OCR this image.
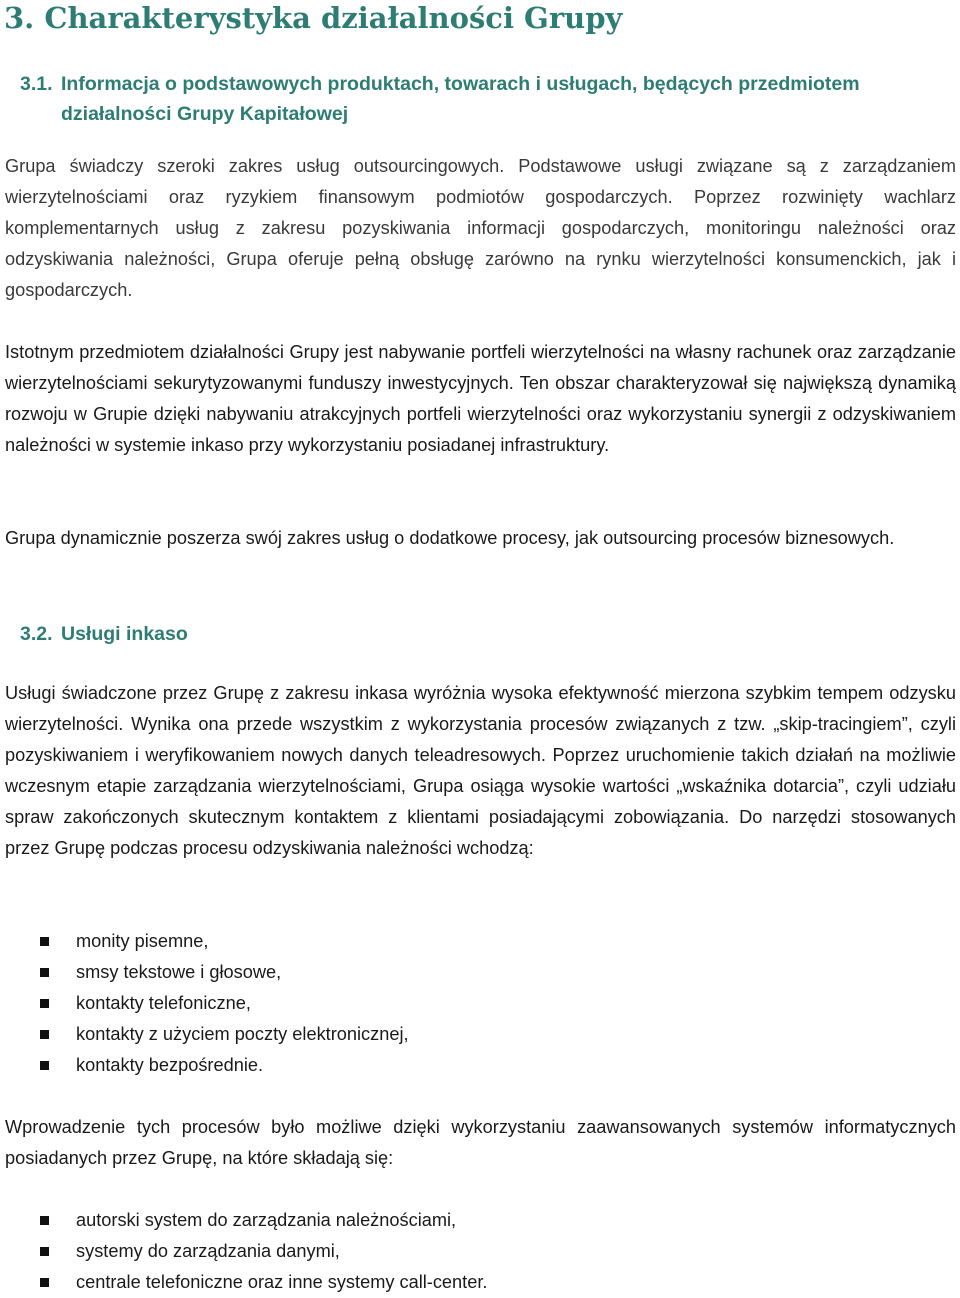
3. Charakterystyka działalności Grupy
3.1. Informacja o podstawowych produktach, towarach i usługach, będących przedmiotem
działalności Grupy Kapitałowej

Grupa świadczy szeroki zakres usług outsourcingowych. Podstawowe usługi związane są z zarządzaniem wierzytelnościami oraz ryzykiem finansowym podmiotów gospodarczych. Poprzez rozwinięty wachlarz komplementarnych usług z zakresu pozyskiwania informacji gospodarczych, monitoringu należności oraz odzyskiwania należności, Grupa oferuje pełną obsługę zarówno na rynku wierzytelności konsumenckich, jak i gospodarczych.

Istotnym przedmiotem działalności Grupy jest nabywanie portfeli wierzytelności na własny rachunek oraz zarządzanie wierzytelnościami sekurytyzowanymi funduszy inwestycyjnych. Ten obszar charakteryzował się największą dynamiką rozwoju w Grupie dzięki nabywaniu atrakcyjnych portfeli wierzytelności oraz wykorzystaniu synergii z odzyskiwaniem należności w systemie inkaso przy wykorzystaniu posiadanej infrastruktury.

Grupa dynamicznie poszerza swój zakres usług o dodatkowe procesy, jak outsourcing procesów biznesowych.

3.2. Usługi inkaso

Usługi świadczone przez Grupę z zakresu inkasa wyróżnia wysoka efektywność mierzona szybkim tempem odzysku wierzytelności. Wynika ona przede wszystkim z wykorzystania procesów związanych z tzw. „skip-tracingiem”, czyli pozyskiwaniem i weryfikowaniem nowych danych teleadresowych. Poprzez uruchomienie takich działań na możliwie wczesnym etapie zarządzania wierzytelnościami, Grupa osiąga wysokie wartości „wskaźnika dotarcia”, czyli udziału spraw zakończonych skutecznym kontaktem z klientami posiadającymi zobowiązania. Do narzędzi stosowanych przez Grupę podczas procesu odzyskiwania należności wchodzą:

monity pisemne,
smsy tekstowe i głosowe,
kontakty telefoniczne,
kontakty z użyciem poczty elektronicznej,
kontakty bezpośrednie.

Wprowadzenie tych procesów było możliwe dzięki wykorzystaniu zaawansowanych systemów informatycznych posiadanych przez Grupę, na które składają się:

autorski system do zarządzania należnościami,
systemy do zarządzania danymi,
centrale telefoniczne oraz inne systemy call-center.
